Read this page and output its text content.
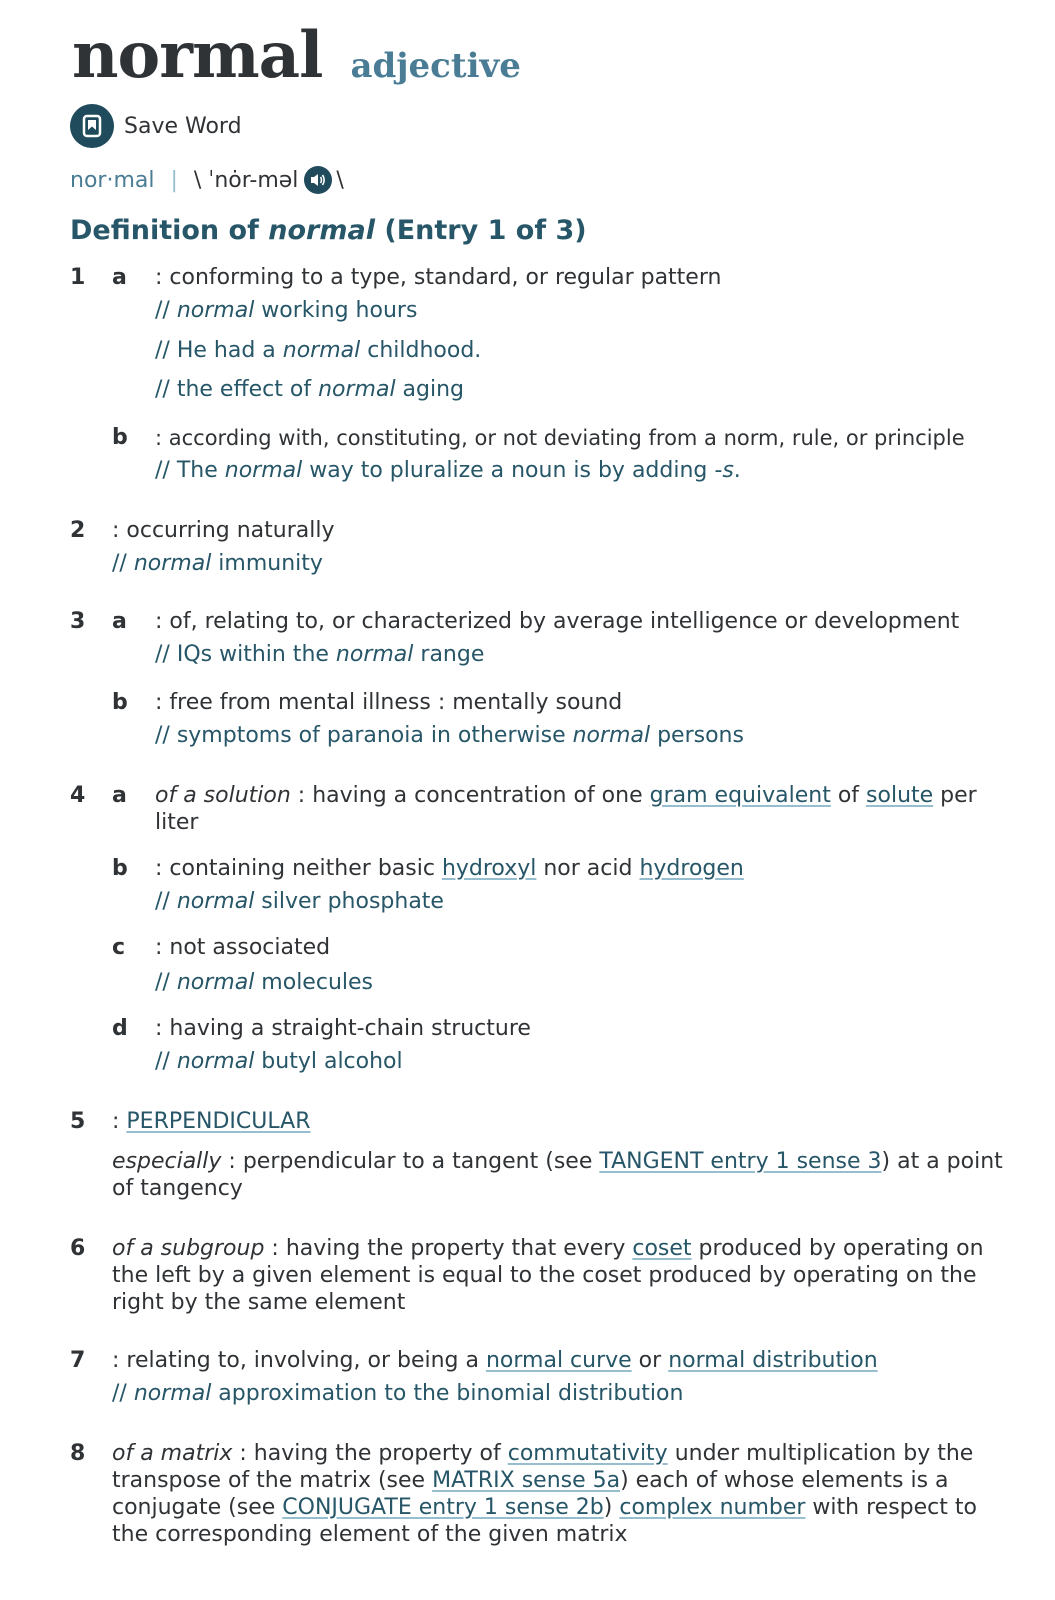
normal adjective
Save Word
nor·mal | \ ˈnȯr-məl \
Definition of normal (Entry 1 of 3)
1 a : conforming to a type, standard, or regular pattern
// normal working hours
// He had a normal childhood.
// the effect of normal aging
b : according with, constituting, or not deviating from a norm, rule, or principle
// The normal way to pluralize a noun is by adding -s.
2 : occurring naturally
// normal immunity
3 a : of, relating to, or characterized by average intelligence or development
// IQs within the normal range
b : free from mental illness : mentally sound
// symptoms of paranoia in otherwise normal persons
4 a of a solution : having a concentration of one gram equivalent of solute per liter
b : containing neither basic hydroxyl nor acid hydrogen
// normal silver phosphate
c : not associated
// normal molecules
d : having a straight-chain structure
// normal butyl alcohol
5 : PERPENDICULAR
especially : perpendicular to a tangent (see TANGENT entry 1 sense 3) at a point of tangency
6 of a subgroup : having the property that every coset produced by operating on the left by a given element is equal to the coset produced by operating on the right by the same element
7 : relating to, involving, or being a normal curve or normal distribution
// normal approximation to the binomial distribution
8 of a matrix : having the property of commutativity under multiplication by the transpose of the matrix (see MATRIX sense 5a) each of whose elements is a conjugate (see CONJUGATE entry 1 sense 2b) complex number with respect to the corresponding element of the given matrix
